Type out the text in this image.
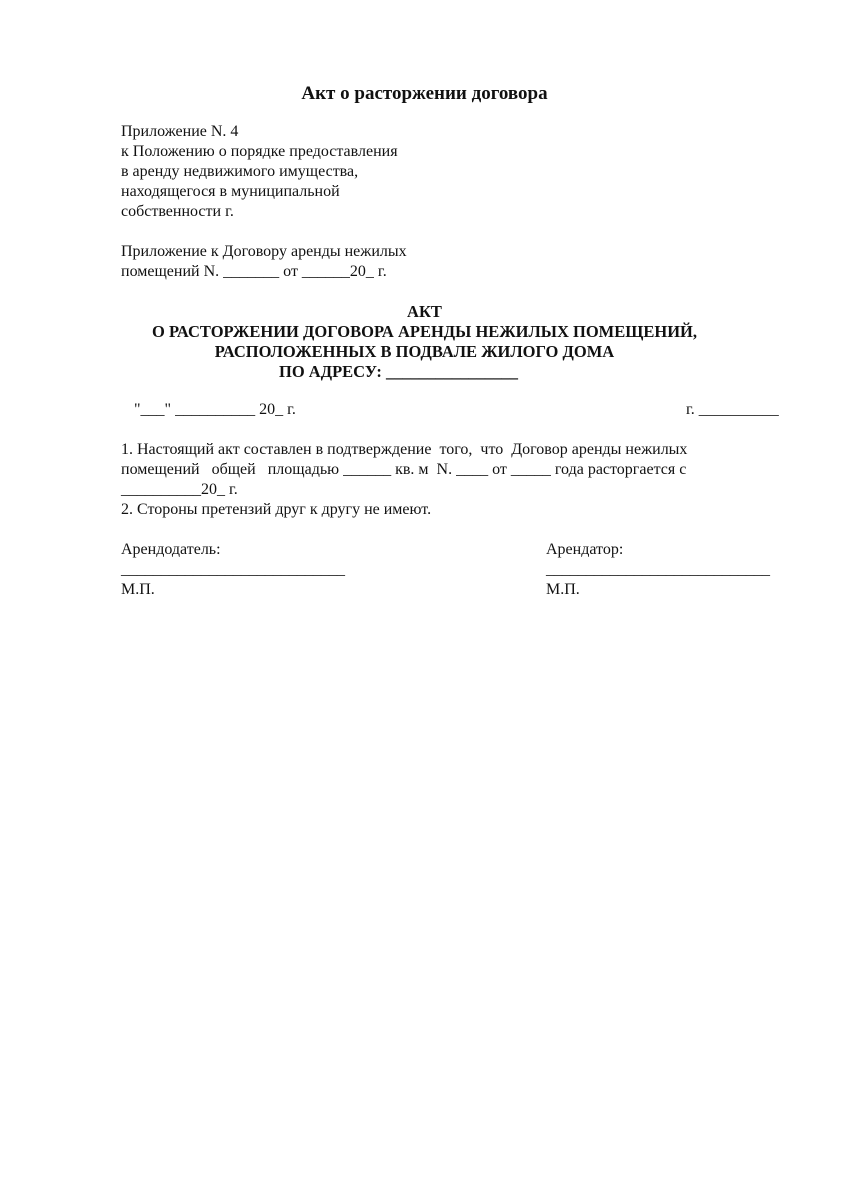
Акт о расторжении договора
Приложение N. 4
к Положению о порядке предоставления
в аренду недвижимого имущества,
находящегося в муниципальной
собственности г.
Приложение к Договору аренды нежилых
помещений N. _______ от ______20_ г.
АКТ
О РАСТОРЖЕНИИ ДОГОВОРА АРЕНДЫ НЕЖИЛЫХ ПОМЕЩЕНИЙ,
РАСПОЛОЖЕННЫХ В ПОДВАЛЕ ЖИЛОГО ДОМА
ПО АДРЕСУ: ________________
"___" __________ 20_ г.	г. __________
1. Настоящий акт составлен в подтверждение  того,  что  Договор аренды нежилых
помещений   общей   площадью ______ кв. м  N. ____ от _____ года расторгается с
__________20_ г.
2. Стороны претензий друг к другу не имеют.
Арендодатель:
____________________________
М.П.
Арендатор:
____________________________
М.П.
